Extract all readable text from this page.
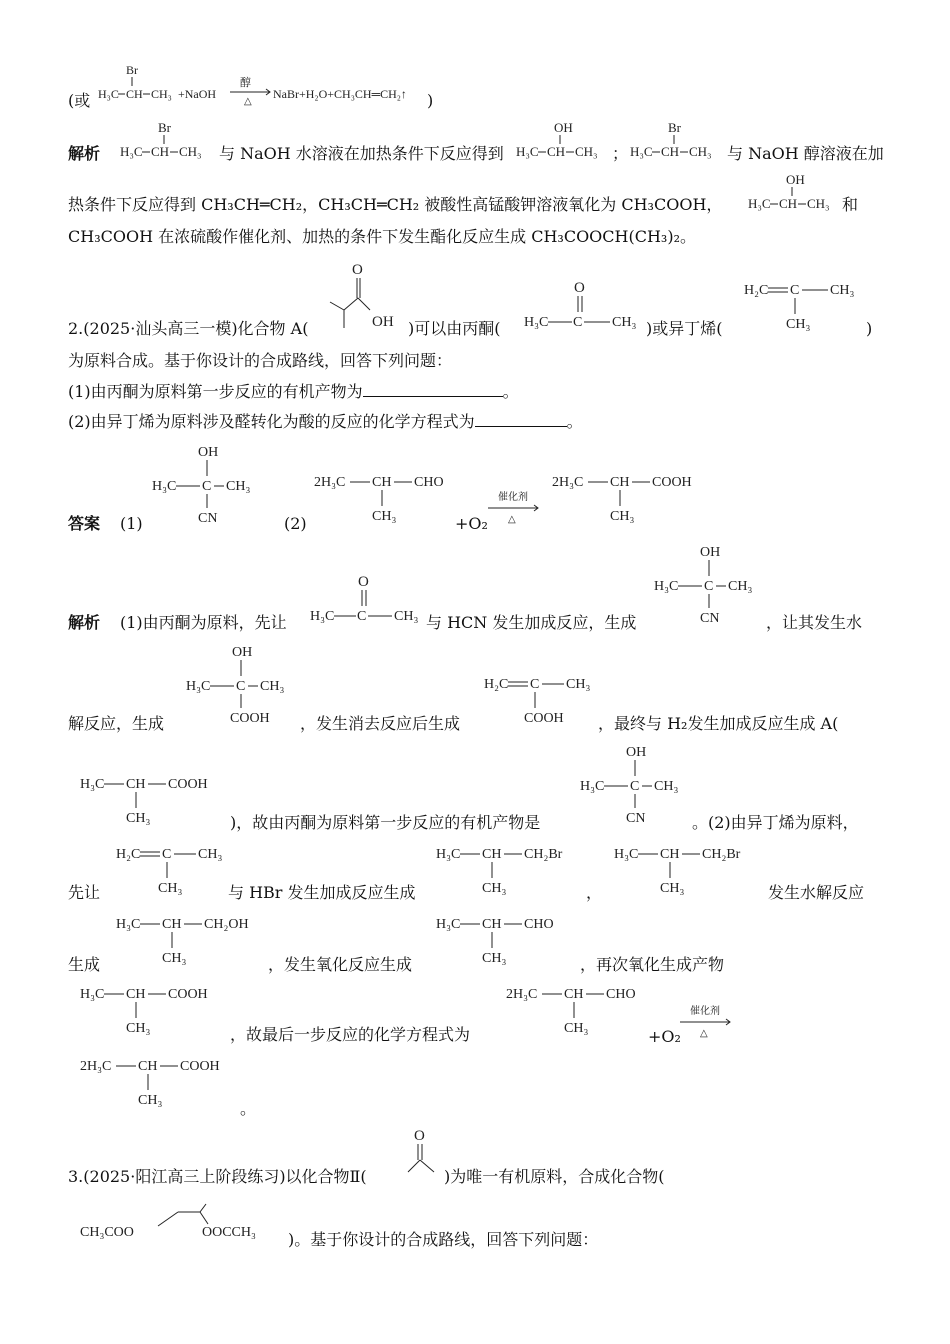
(或
Br
H₃C CH CH₃ +NaOH
醇
△
NaBr+H₂O+CH₃CH═CH₂↑ )
解析
Br
H₃C CH CH₃ 与 NaOH 水溶液在加热条件下反应得到
OH
H₃C CH CH₃ ；
Br
H₃C CH CH₃ 与 NaOH 醇溶液在加
热条件下反应得到 CH₃CH═CH₂，CH₃CH═CH₂ 被酸性高锰酸钾溶液氧化为 CH₃COOH，
OH
H₃C CH CH₃ 和
CH₃COOH 在浓硫酸作催化剂、加热的条件下发生酯化反应生成 CH₃COOCH(CH₃)₂。
2.(2025·汕头高三一模)化合物 A(
O
OH )可以由丙酮(
O
H₃C C CH₃ )或异丁烯(
H₂C C CH₃
CH₃	)
为原料合成。基于你设计的合成路线，回答下列问题：
(1)由丙酮为原料第一步反应的有机产物为	。
(2)由异丁烯为原料涉及醛转化为酸的反应的化学方程式为	。
答案 (1)
OH
H₃C C CH₃
CN	(2)
2H₃C CH CHO
CH₃	+O₂
催化剂
△
2H₃C CH COOH
CH₃
解析 (1)由丙酮为原料，先让
O
H₃C C CH₃ 与 HCN 发生加成反应，生成
OH
H₃C C CH₃
CN	，让其发生水
解反应，生成
OH
H₃C C CH₃
COOH ，发生消去反应后生成
H₂C C CH₃
COOH ，最终与 H₂发生加成反应生成 A(
H₃C CH COOH
CH₃	)，故由丙酮为原料第一步反应的有机产物是
OH
H₃C C CH₃
CN	。(2)由异丁烯为原料，
先让
H₂C C CH₃
CH₃	与 HBr 发生加成反应生成
H₃C CH CH₂Br
CH₃	，
H₃C CH CH₂Br
CH₃	发生水解反应
生成
H₃C CH CH₂OH
CH₃	，发生氧化反应生成
H₃C CH CHO
CH₃	，再次氧化生成产物
H₃C CH COOH
CH₃	，故最后一步反应的化学方程式为
2H₃C CH CHO
CH₃	+O₂
催化剂
△
2H₃C CH COOH
CH₃	。
3.(2025·阳江高三上阶段练习)以化合物Ⅱ(
O
)为唯一有机原料，合成化合物(
CH₃COO	OOCCH₃ )。基于你设计的合成路线，回答下列问题：
